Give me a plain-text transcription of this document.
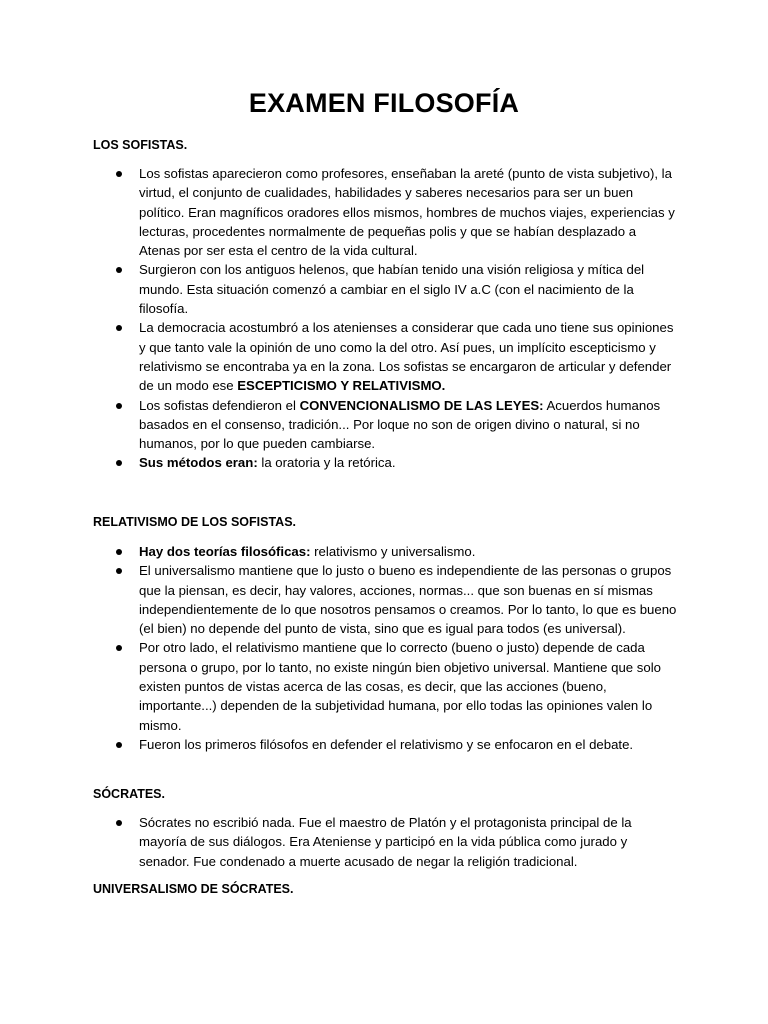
EXAMEN FILOSOFÍA
LOS SOFISTAS.
Los sofistas aparecieron como profesores, enseñaban la areté (punto de vista subjetivo), la virtud, el conjunto de cualidades, habilidades y saberes necesarios para ser un buen político. Eran magníficos oradores ellos mismos, hombres de muchos viajes, experiencias y lecturas, procedentes normalmente de pequeñas polis y que se habían desplazado a Atenas por ser esta el centro de la vida cultural.
Surgieron con los antiguos helenos, que habían tenido una visión religiosa y mítica del mundo. Esta situación comenzó a cambiar en el siglo IV a.C (con el nacimiento de la filosofía.
La democracia acostumbró a los atenienses a considerar que cada uno tiene sus opiniones y que tanto vale la opinión de uno como la del otro. Así pues, un implícito escepticismo y relativismo se encontraba ya en la zona. Los sofistas se encargaron de articular y defender de un modo ese ESCEPTICISMO Y RELATIVISMO.
Los sofistas defendieron el CONVENCIONALISMO DE LAS LEYES: Acuerdos humanos basados en el consenso, tradición... Por loque no son de origen divino o natural, si no humanos, por lo que pueden cambiarse.
Sus métodos eran: la oratoria y la retórica.
RELATIVISMO DE LOS SOFISTAS.
Hay dos teorías filosóficas: relativismo y universalismo.
El universalismo mantiene que lo justo o bueno es independiente de las personas o grupos que la piensan, es decir, hay valores, acciones, normas... que son buenas en sí mismas independientemente de lo que nosotros pensamos o creamos. Por lo tanto, lo que es bueno (el bien) no depende del punto de vista, sino que es igual para todos (es universal).
Por otro lado, el relativismo mantiene que lo correcto (bueno o justo) depende de cada persona o grupo, por lo tanto, no existe ningún bien objetivo universal. Mantiene que solo existen puntos de vistas acerca de las cosas, es decir, que las acciones (bueno, importante...) dependen de la subjetividad humana, por ello todas las opiniones valen lo mismo.
Fueron los primeros filósofos en defender el relativismo y se enfocaron en el debate.
SÓCRATES.
Sócrates no escribió nada. Fue el maestro de Platón y el protagonista principal de la mayoría de sus diálogos. Era Ateniense y participó en la vida pública como jurado y senador. Fue condenado a muerte acusado de negar la religión tradicional.
UNIVERSALISMO DE SÓCRATES.
